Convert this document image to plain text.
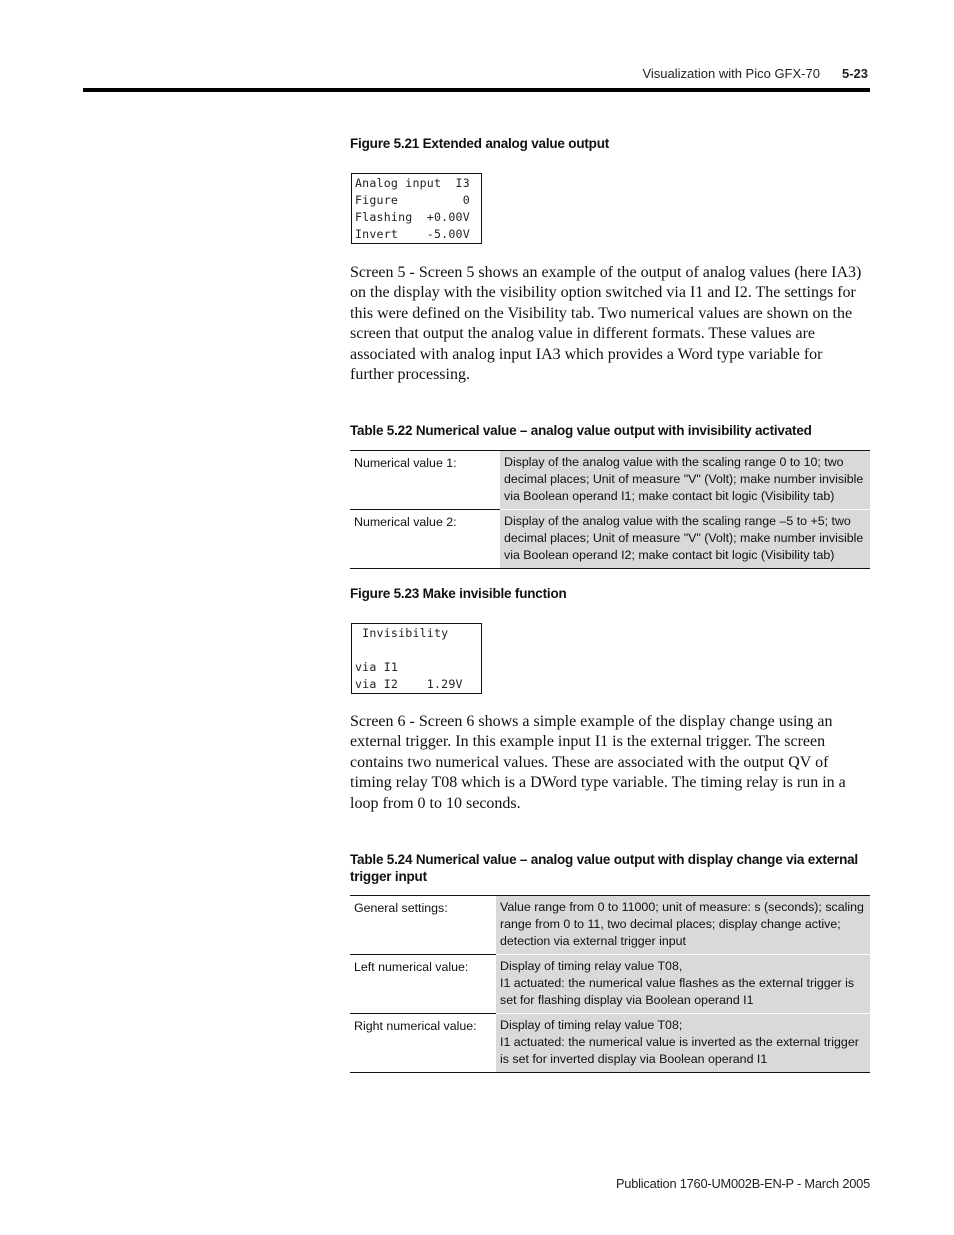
Visualization with Pico GFX-70 5-23
Figure 5.21 Extended analog value output
Analog input  I3
Figure         0
Flashing  +0.00V
Invert    -5.00V
Screen 5 - Screen 5 shows an example of the output of analog values (here IA3) on the display with the visibility option switched via I1 and I2. The settings for this were defined on the Visibility tab. Two numerical values are shown on the screen that output the analog value in different formats. These values are associated with analog input IA3 which provides a Word type variable for further processing.
Table 5.22 Numerical value – analog value output with invisibility activated
Numerical value 1:	Display of the analog value with the scaling range 0 to 10; two decimal places; Unit of measure "V" (Volt); make number invisible via Boolean operand I1; make contact bit logic (Visibility tab)
Numerical value 2:	Display of the analog value with the scaling range –5 to +5; two decimal places; Unit of measure "V" (Volt); make number invisible via Boolean operand I2; make contact bit logic (Visibility tab)
Figure 5.23 Make invisible function
Invisibility
via I1
via I2    1.29V
Screen 6 - Screen 6 shows a simple example of the display change using an external trigger. In this example input I1 is the external trigger. The screen contains two numerical values. These are associated with the output QV of timing relay T08 which is a DWord type variable. The timing relay is run in a loop from 0 to 10 seconds.
Table 5.24 Numerical value – analog value output with display change via external trigger input
General settings:	Value range from 0 to 11000; unit of measure: s (seconds); scaling range from 0 to 11, two decimal places; display change active; detection via external trigger input
Left numerical value:	Display of timing relay value T08,
I1 actuated: the numerical value flashes as the external trigger is set for flashing display via Boolean operand I1
Right numerical value:	Display of timing relay value T08;
I1 actuated: the numerical value is inverted as the external trigger is set for inverted display via Boolean operand I1
Publication 1760-UM002B-EN-P - March 2005
